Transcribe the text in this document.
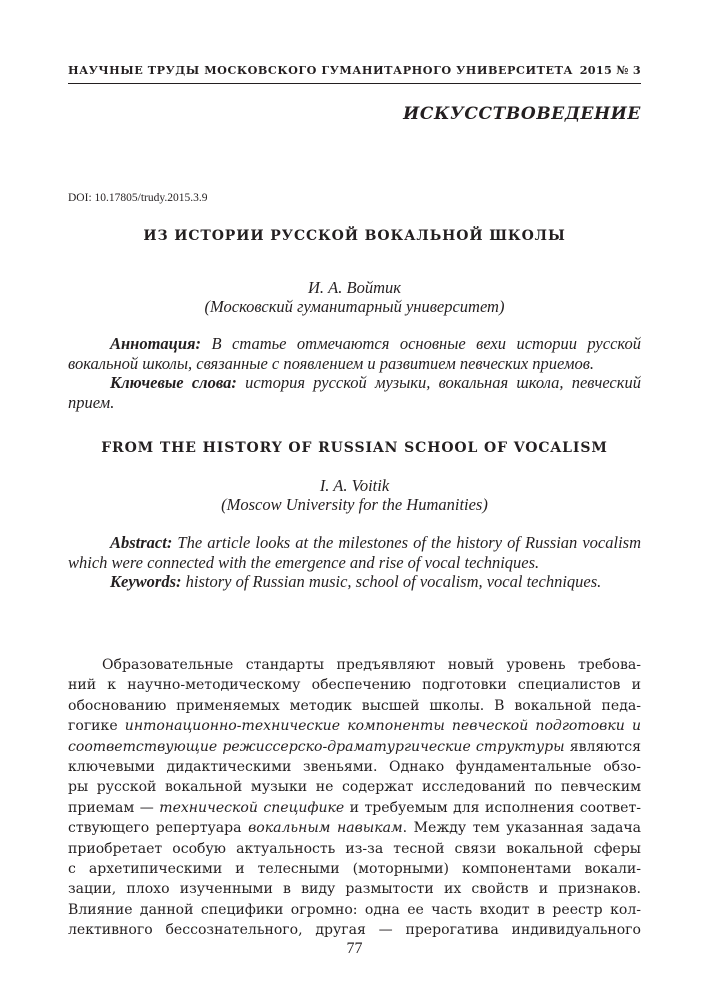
НАУЧНЫЕ ТРУДЫ МОСКОВСКОГО ГУМАНИТАРНОГО УНИВЕРСИТЕТА 2015 № 3
ИСКУССТВОВЕДЕНИЕ
DOI: 10.17805/trudy.2015.3.9
ИЗ ИСТОРИИ РУССКОЙ ВОКАЛЬНОЙ ШКОЛЫ
И. А. Войтик
(Московский гуманитарный университет)

Аннотация: В статье отмечаются основные вехи истории русской вокальной школы, связанные с появлением и развитием певческих приемов.

Ключевые слова: история русской музыки, вокальная школа, певческий прием.

FROM THE HISTORY OF RUSSIAN SCHOOL OF VOCALISM
I. A. Voitik
(Moscow University for the Humanities)

Abstract: The article looks at the milestones of the history of Russian vocalism which were connected with the emergence and rise of vocal techniques.

Keywords: history of Russian music, school of vocalism, vocal techniques.

Образовательные стандарты предъявляют новый уровень требова-
ний к научно-методическому обеспечению подготовки специалистов и
обоснованию применяемых методик высшей школы. В вокальной педа-
гогике интонационно-технические компоненты певческой подготовки и
соответствующие режиссерско-драматургические структуры являются
ключевыми дидактическими звеньями. Однако фундаментальные обзо-
ры русской вокальной музыки не содержат исследований по певческим
приемам — технической специфике и требуемым для исполнения соответ-
ствующего репертуара вокальным навыкам. Между тем указанная задача
приобретает особую актуальность из-за тесной связи вокальной сферы
с архетипическими и телесными (моторными) компонентами вокали-
зации, плохо изученными в виду размытости их свойств и признаков.
Влияние данной специфики огромно: одна ее часть входит в реестр кол-
лективного бессознательного, другая — прерогатива индивидуального
77
